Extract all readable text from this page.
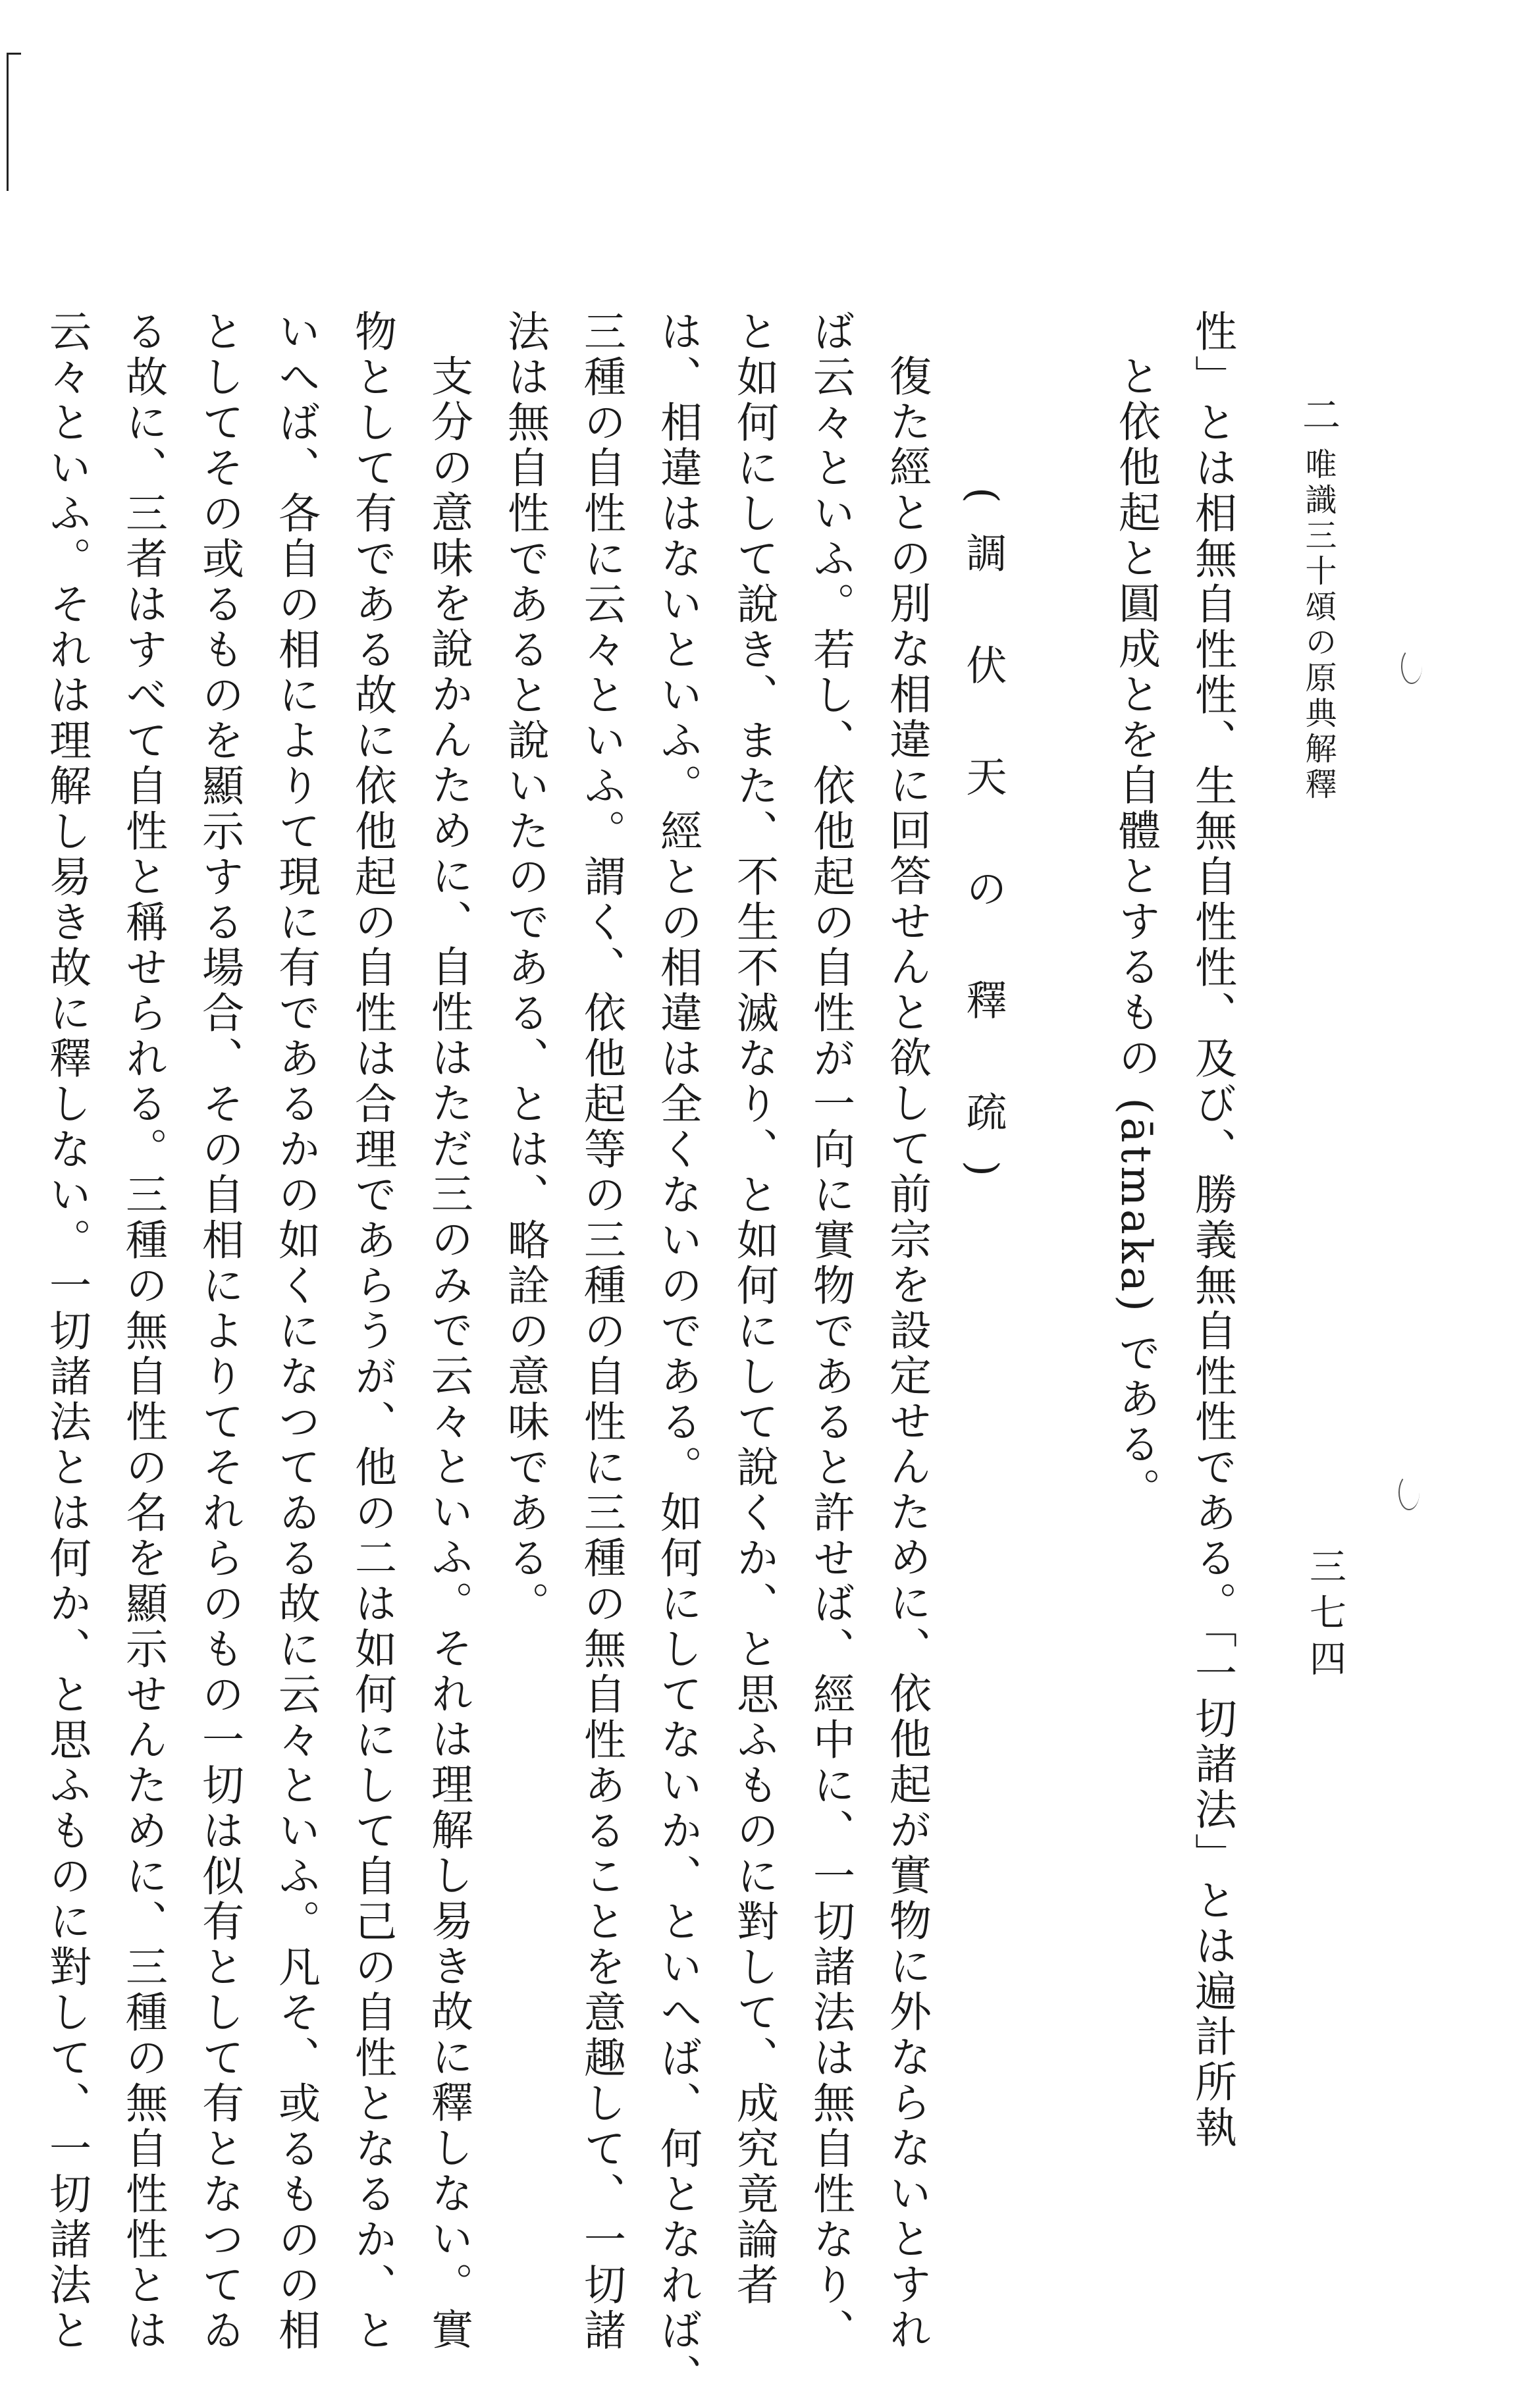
二
唯識三十頌の原典解釋
三七四
性」とは相無自性性、生無自性性、及び、勝義無自性性である。「一切諸法」とは遍計所執
と依他起と圓成とを自體とするもの (ātmaka) である。
(調 伏 天 の 釋 疏)
復た經との別な相違に回答せんと欲して前宗を設定せんために、依他起が實物に外ならないとすれ
ば云々といふ。若し、依他起の自性が一向に實物であると許せば、經中に、一切諸法は無自性なり、
と如何にして說き、また、不生不滅なり、と如何にして說くか、と思ふものに對して、成究竟論者
は、相違はないといふ。經との相違は全くないのである。如何にしてないか、といへば、何となれば、
三種の自性に云々といふ。謂く、依他起等の三種の自性に三種の無自性あることを意趣して、一切諸
法は無自性であると說いたのである、とは、略詮の意味である。
支分の意味を說かんために、自性はただ三のみで云々といふ。それは理解し易き故に釋しない。實
物として有である故に依他起の自性は合理であらうが、他の二は如何にして自己の自性となるか、と
いへば、各自の相によりて現に有であるかの如くになつてゐる故に云々といふ。凡そ、或るものの相
としてその或るものを顯示する場合、その自相によりてそれらのもの一切は似有として有となつてゐ
る故に、三者はすべて自性と稱せられる。三種の無自性の名を顯示せんために、三種の無自性性とは
云々といふ。それは理解し易き故に釋しない。一切諸法とは何か、と思ふものに對して、一切諸法と
